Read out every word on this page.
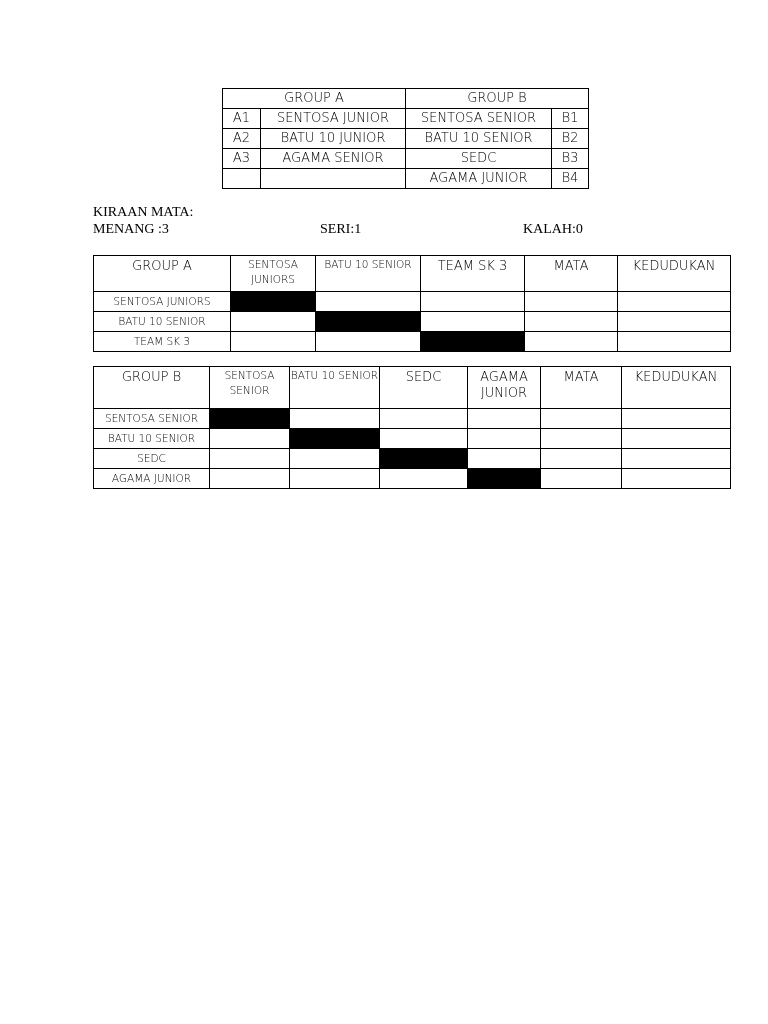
GROUP A		GROUP B	
A1	SENTOSA JUNIOR	SENTOSA SENIOR	B1
A2	BATU 10 JUNIOR	BATU 10 SENIOR	B2
A3	AGAMA SENIOR	SEDC	B3
		AGAMA JUNIOR	B4
KIRAAN MATA:
MENANG :3	SERI:1	KALAH:0
GROUP A	SENTOSA JUNIORS	BATU 10 SENIOR	TEAM SK 3	MATA	KEDUDUKAN
SENTOSA JUNIORS					
BATU 10 SENIOR					
TEAM SK 3					
GROUP B	SENTOSA SENIOR	BATU 10 SENIOR	SEDC	AGAMA JUNIOR	MATA	KEDUDUKAN
SENTOSA SENIOR						
BATU 10 SENIOR						
SEDC						
AGAMA JUNIOR						
